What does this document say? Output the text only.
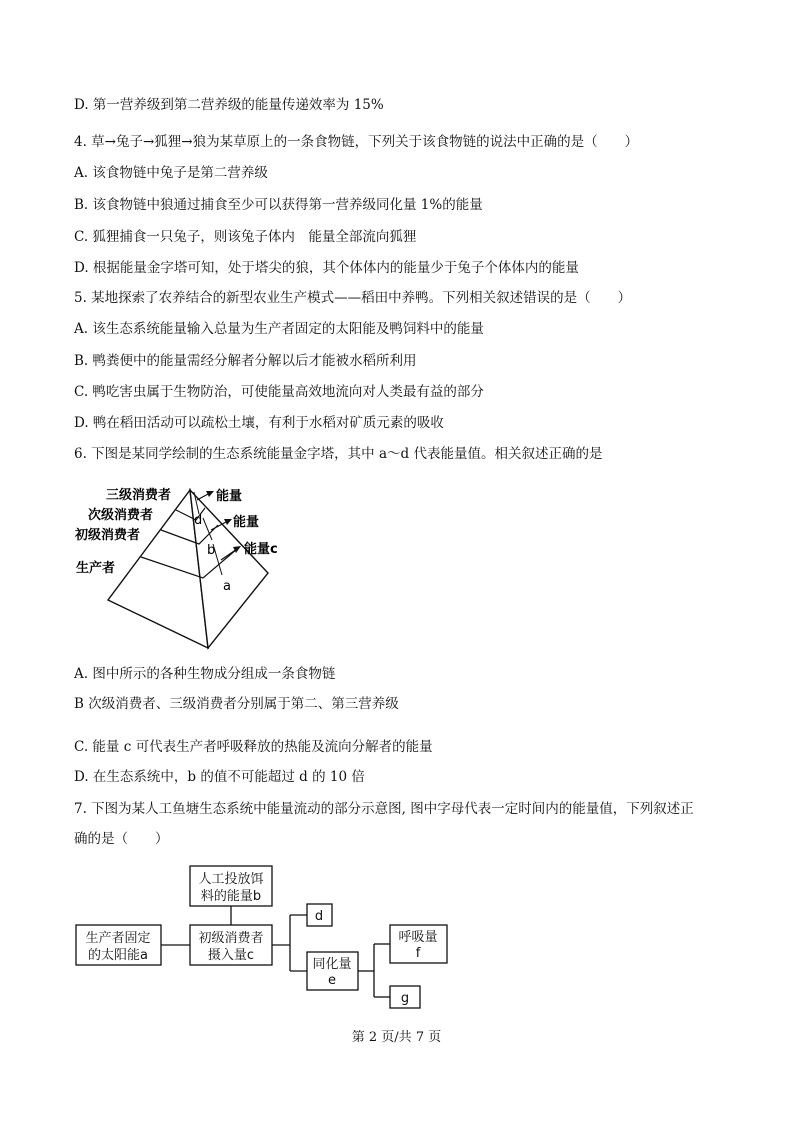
D. 第一营养级到第二营养级的能量传递效率为 15%
4. 草→兔子→狐狸→狼为某草原上的一条食物链，下列关于该食物链的说法中正确的是（　　）
A. 该食物链中兔子是第二营养级
B. 该食物链中狼通过捕食至少可以获得第一营养级同化量 1%的能量
C. 狐狸捕食一只兔子，则该兔子体内　能量全部流向狐狸
D. 根据能量金字塔可知，处于塔尖的狼，其个体体内的能量少于兔子个体体内的能量
5. 某地探索了农养结合的新型农业生产模式——稻田中养鸭。下列相关叙述错误的是（　　）
A. 该生态系统能量输入总量为生产者固定的太阳能及鸭饲料中的能量
B. 鸭粪便中的能量需经分解者分解以后才能被水稻所利用
C. 鸭吃害虫属于生物防治，可使能量高效地流向对人类最有益的部分
D. 鸭在稻田活动可以疏松土壤，有利于水稻对矿质元素的吸收
6. 下图是某同学绘制的生态系统能量金字塔，其中 a～d 代表能量值。相关叙述正确的是
三级消费者
次级消费者
初级消费者
生产者
能量
能量
能量c
d
b
a
A. 图中所示的各种生物成分组成一条食物链
B 次级消费者、三级消费者分别属于第二、第三营养级
C. 能量 c 可代表生产者呼吸释放的热能及流向分解者的能量
D. 在生态系统中，b 的值不可能超过 d 的 10 倍
7. 下图为某人工鱼塘生态系统中能量流动的部分示意图, 图中字母代表一定时间内的能量值，下列叙述正
确的是（　　）
人工投放饵
料的能量b
生产者固定
的太阳能a
初级消费者
摄入量c
d
同化量
e
呼吸量
f
g
第 2 页/共 7 页
